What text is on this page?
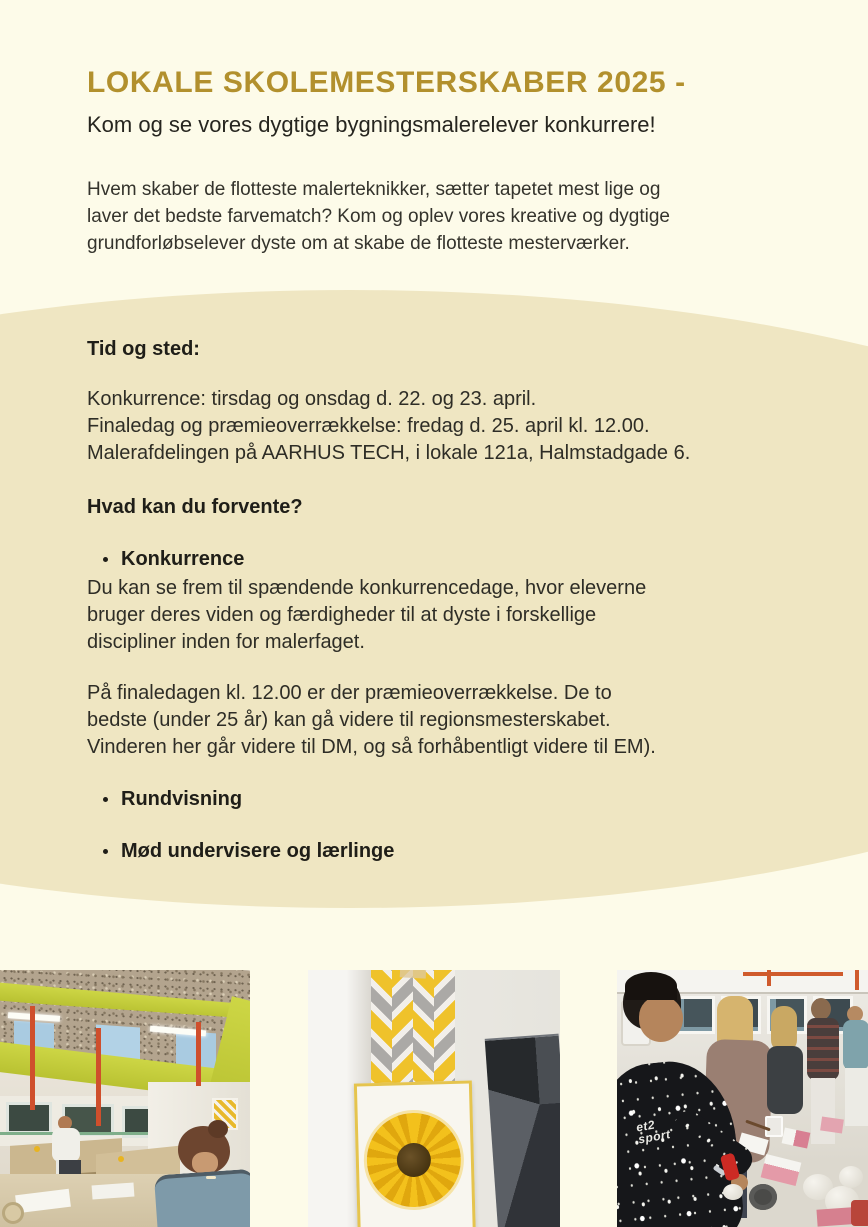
LOKALE SKOLEMESTERSKABER 2025 -

Kom og se vores dygtige bygningsmalerelever konkurrere!

Hvem skaber de flotteste malerteknikker, sætter tapetet mest lige og
laver det bedste farvematch? Kom og oplev vores kreative og dygtige
grundforløbselever dyste om at skabe de flotteste mesterværker.
Tid og sted:
Konkurrence: tirsdag og onsdag d. 22. og 23. april.
Finaledag og præmieoverrækkelse: fredag d. 25. april kl. 12.00.
Malerafdelingen på AARHUS TECH, i lokale 121a, Halmstadgade 6.
Hvad kan du forvente?
Konkurrence
Du kan se frem til spændende konkurrencedage, hvor eleverne
bruger deres viden og færdigheder til at dyste i forskellige
discipliner inden for malerfaget.
På finaledagen kl. 12.00 er der præmieoverrækkelse. De to
bedste (under 25 år) kan gå videre til regionsmesterskabet.
Vinderen her går videre til DM, og så forhåbentligt videre til EM).
Rundvisning
Mød undervisere og lærlinge
et2 sport
